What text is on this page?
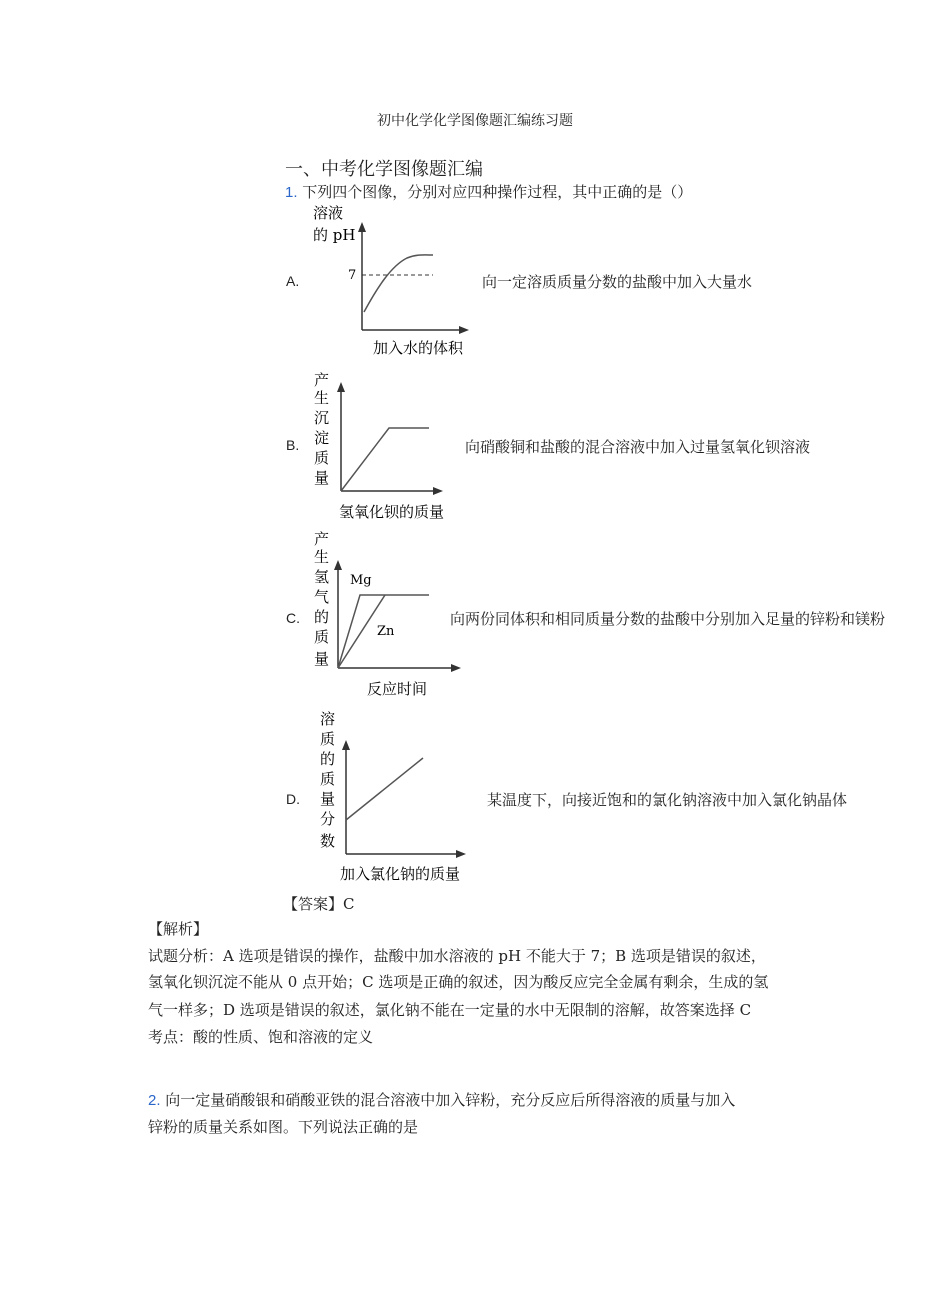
初中化学化学图像题汇编练习题
一、中考化学图像题汇编
1. 下列四个图像，分别对应四种操作过程，其中正确的是（）
A.
溶液
的 pH
7
加入水的体积
向一定溶质质量分数的盐酸中加入大量水
B.
产
生
沉
淀
质
量
氢氧化钡的质量
向硝酸铜和盐酸的混合溶液中加入过量氢氧化钡溶液
C.
产
生
氢
气
的
质
量
Mg
Zn
反应时间
向两份同体积和相同质量分数的盐酸中分别加入足量的锌粉和镁粉
D.
溶
质
的
质
量
分
数
加入氯化钠的质量
某温度下，向接近饱和的氯化钠溶液中加入氯化钠晶体
【答案】C
【解析】
试题分析：A 选项是错误的操作，盐酸中加水溶液的 pH 不能大于 7；B 选项是错误的叙述，
氢氧化钡沉淀不能从 0 点开始；C 选项是正确的叙述，因为酸反应完全金属有剩余，生成的氢
气一样多；D 选项是错误的叙述，氯化钠不能在一定量的水中无限制的溶解，故答案选择 C
考点：酸的性质、饱和溶液的定义
2. 向一定量硝酸银和硝酸亚铁的混合溶液中加入锌粉，充分反应后所得溶液的质量与加入
锌粉的质量关系如图。下列说法正确的是
